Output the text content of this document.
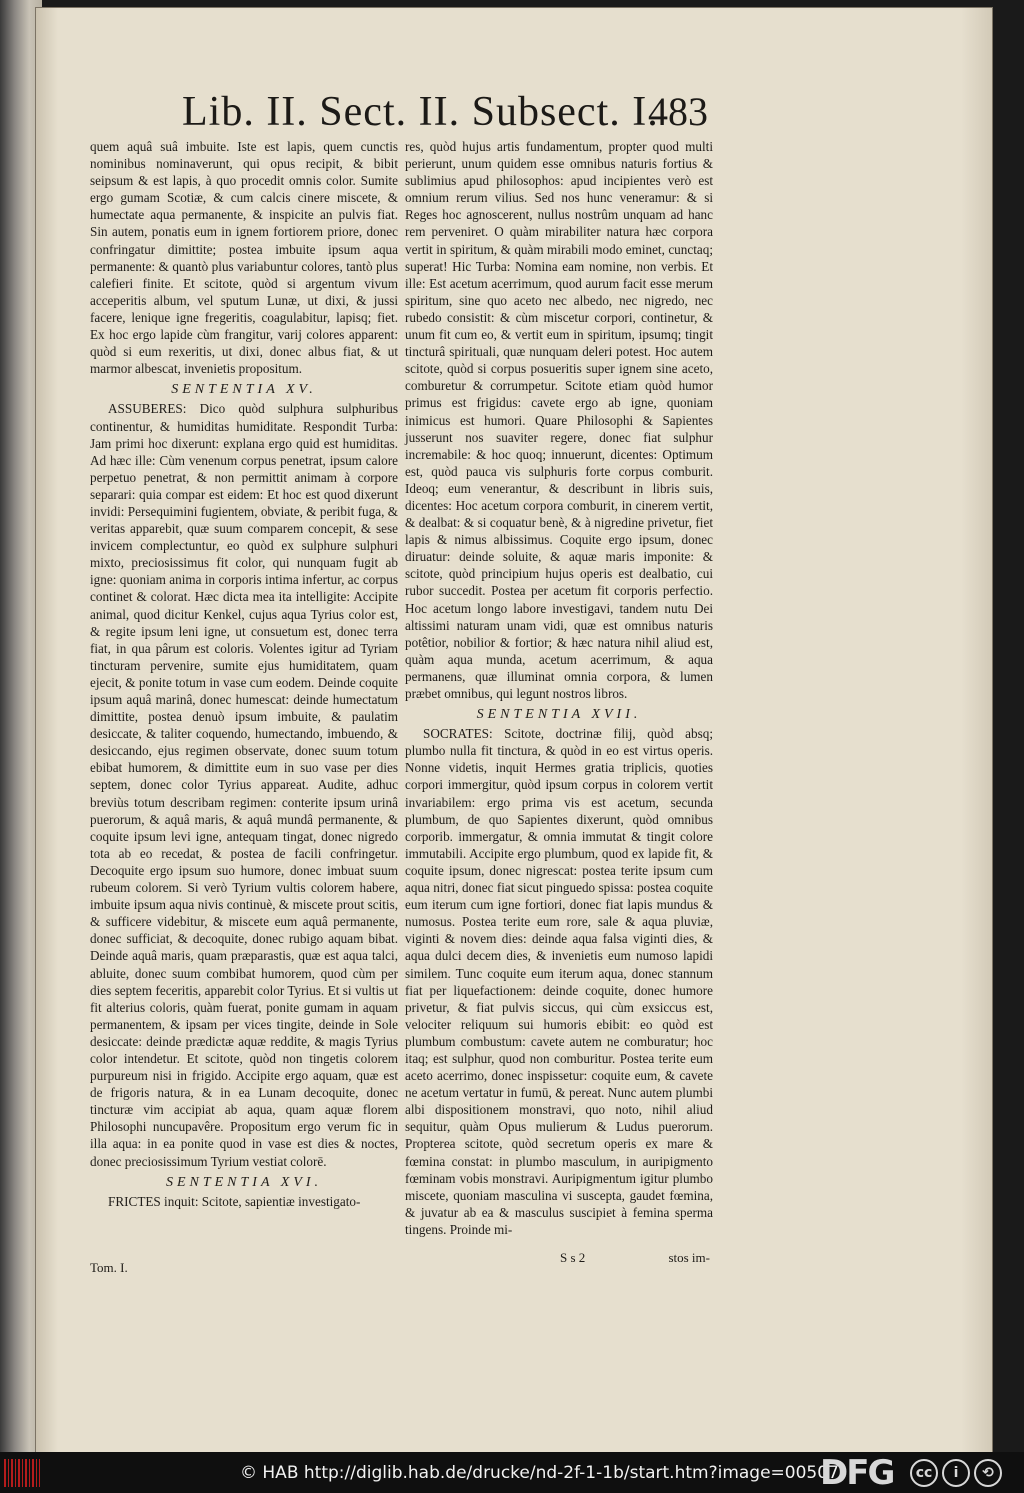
Lib. II. Sect. II. Subsect. I.
483

quem aquâ suâ imbuite. Iste est lapis, quem cunctis nominibus nominaverunt, qui opus recipit, & bibit seipsum & est lapis, à quo procedit omnis color. Sumite ergo gumam Scotiæ, & cum calcis cinere miscete, & humectate aqua permanente, & inspicite an pulvis fiat. Sin autem, ponatis eum in ignem fortiorem priore, donec confringatur dimittite; postea imbuite ipsum aqua permanente: & quantò plus variabuntur colores, tantò plus calefieri finite. Et scitote, quòd si argentum vivum acceperitis album, vel sputum Lunæ, ut dixi, & jussi facere, lenique igne fregeritis, coagulabitur, lapisq; fiet. Ex hoc ergo lapide cùm frangitur, varij colores apparent: quòd si eum rexeritis, ut dixi, donec albus fiat, & ut marmor albescat, invenietis propositum.

SENTENTIA XV.

ASSUBERES: Dico quòd sulphura sulphuribus continentur, & humiditas humiditate. Respondit Turba: Jam primi hoc dixerunt: explana ergo quid est humiditas. Ad hæc ille: Cùm venenum corpus penetrat, ipsum calore perpetuo penetrat, & non permittit animam à corpore separari: quia compar est eidem: Et hoc est quod dixerunt invidi: Persequimini fugientem, obviate, & peribit fuga, & veritas apparebit, quæ suum comparem concepit, & sese invicem complectuntur, eo quòd ex sulphure sulphuri mixto, preciosissimus fit color, qui nunquam fugit ab igne: quoniam anima in corporis intima infertur, ac corpus continet & colorat. Hæc dicta mea ita intelligite: Accipite animal, quod dicitur Kenkel, cujus aqua Tyrius color est, & regite ipsum leni igne, ut consuetum est, donec terra fiat, in qua pârum est coloris. Volentes igitur ad Tyriam tincturam pervenire, sumite ejus humiditatem, quam ejecit, & ponite totum in vase cum eodem. Deinde coquite ipsum aquâ marinâ, donec humescat: deinde humectatum dimittite, postea denuò ipsum imbuite, & paulatim desiccate, & taliter coquendo, humectando, imbuendo, & desiccando, ejus regimen observate, donec suum totum ebibat humorem, & dimittite eum in suo vase per dies septem, donec color Tyrius appareat. Audite, adhuc breviùs totum describam regimen: conterite ipsum urinâ puerorum, & aquâ maris, & aquâ mundâ permanente, & coquite ipsum levi igne, antequam tingat, donec nigredo tota ab eo recedat, & postea de facili confringetur. Decoquite ergo ipsum suo humore, donec imbuat suum rubeum colorem. Si verò Tyrium vultis colorem habere, imbuite ipsum aqua nivis continuè, & miscete prout scitis, & sufficere videbitur, & miscete eum aquâ permanente, donec sufficiat, & decoquite, donec rubigo aquam bibat. Deinde aquâ maris, quam præparastis, quæ est aqua talci, abluite, donec suum combibat humorem, quod cùm per dies septem feceritis, apparebit color Tyrius. Et si vultis ut fit alterius coloris, quàm fuerat, ponite gumam in aquam permanentem, & ipsam per vices tingite, deinde in Sole desiccate: deinde prædictæ aquæ reddite, & magis Tyrius color intendetur. Et scitote, quòd non tingetis colorem purpureum nisi in frigido. Accipite ergo aquam, quæ est de frigoris natura, & in ea Lunam decoquite, donec tincturæ vim accipiat ab aqua, quam aquæ florem Philosophi nuncupavêre. Propositum ergo verum fic in illa aqua: in ea ponite quod in vase est dies & noctes, donec preciosissimum Tyrium vestiat colorē.

SENTENTIA XVI.

FRICTES inquit: Scitote, sapientiæ investigato-

res, quòd hujus artis fundamentum, propter quod multi perierunt, unum quidem esse omnibus naturis fortius & sublimius apud philosophos: apud incipientes verò est omnium rerum vilius. Sed nos hunc veneramur: & si Reges hoc agnoscerent, nullus nostrûm unquam ad hanc rem perveniret. O quàm mirabiliter natura hæc corpora vertit in spiritum, & quàm mirabili modo eminet, cunctaq; superat! Hic Turba: Nomina eam nomine, non verbis. Et ille: Est acetum acerrimum, quod aurum facit esse merum spiritum, sine quo aceto nec albedo, nec nigredo, nec rubedo consistit: & cùm miscetur corpori, continetur, & unum fit cum eo, & vertit eum in spiritum, ipsumq; tingit tincturâ spirituali, quæ nunquam deleri potest. Hoc autem scitote, quòd si corpus posueritis super ignem sine aceto, comburetur & corrumpetur. Scitote etiam quòd humor primus est frigidus: cavete ergo ab igne, quoniam inimicus est humori. Quare Philosophi & Sapientes jusserunt nos suaviter regere, donec fiat sulphur incremabile: & hoc quoq; innuerunt, dicentes: Optimum est, quòd pauca vis sulphuris forte corpus comburit. Ideoq; eum venerantur, & describunt in libris suis, dicentes: Hoc acetum corpora comburit, in cinerem vertit, & dealbat: & si coquatur benè, & à nigredine privetur, fiet lapis & nimus albissimus. Coquite ergo ipsum, donec diruatur: deinde soluite, & aquæ maris imponite: & scitote, quòd principium hujus operis est dealbatio, cui rubor succedit. Postea per acetum fit corporis perfectio. Hoc acetum longo labore investigavi, tandem nutu Dei altissimi naturam unam vidi, quæ est omnibus naturis potêtior, nobilior & fortior; & hæc natura nihil aliud est, quàm aqua munda, acetum acerrimum, & aqua permanens, quæ illuminat omnia corpora, & lumen præbet omnibus, qui legunt nostros libros.

SENTENTIA XVII.

SOCRATES: Scitote, doctrinæ filij, quòd absq; plumbo nulla fit tinctura, & quòd in eo est virtus operis. Nonne videtis, inquit Hermes gratia triplicis, quoties corpori immergitur, quòd ipsum corpus in colorem vertit invariabilem: ergo prima vis est acetum, secunda plumbum, de quo Sapientes dixerunt, quòd omnibus corporib. immergatur, & omnia immutat & tingit colore immutabili. Accipite ergo plumbum, quod ex lapide fit, & coquite ipsum, donec nigrescat: postea terite ipsum cum aqua nitri, donec fiat sicut pinguedo spissa: postea coquite eum iterum cum igne fortiori, donec fiat lapis mundus & numosus. Postea terite eum rore, sale & aqua pluviæ, viginti & novem dies: deinde aqua falsa viginti dies, & aqua dulci decem dies, & invenietis eum numoso lapidi similem. Tunc coquite eum iterum aqua, donec stannum fiat per liquefactionem: deinde coquite, donec humore privetur, & fiat pulvis siccus, qui cùm exsiccus est, velociter reliquum sui humoris ebibit: eo quòd est plumbum combustum: cavete autem ne comburatur; hoc itaq; est sulphur, quod non comburitur. Postea terite eum aceto acerrimo, donec inspissetur: coquite eum, & cavete ne acetum vertatur in fumū, & pereat. Nunc autem plumbi albi dispositionem monstravi, quo noto, nihil aliud sequitur, quàm Opus mulierum & Ludus puerorum. Propterea scitote, quòd secretum operis ex mare & fœmina constat: in plumbo masculum, in auripigmento fœminam vobis monstravi. Auripigmentum igitur plumbo miscete, quoniam masculina vi suscepta, gaudet fœmina, & juvatur ab ea & masculus suscipiet à femina sperma tingens. Proinde mi-

Tom. I.
S s 2	stos im-
© HAB http://diglib.hab.de/drucke/nd-2f-1-1b/start.htm?image=00507
DFG	cc	i	⟲
